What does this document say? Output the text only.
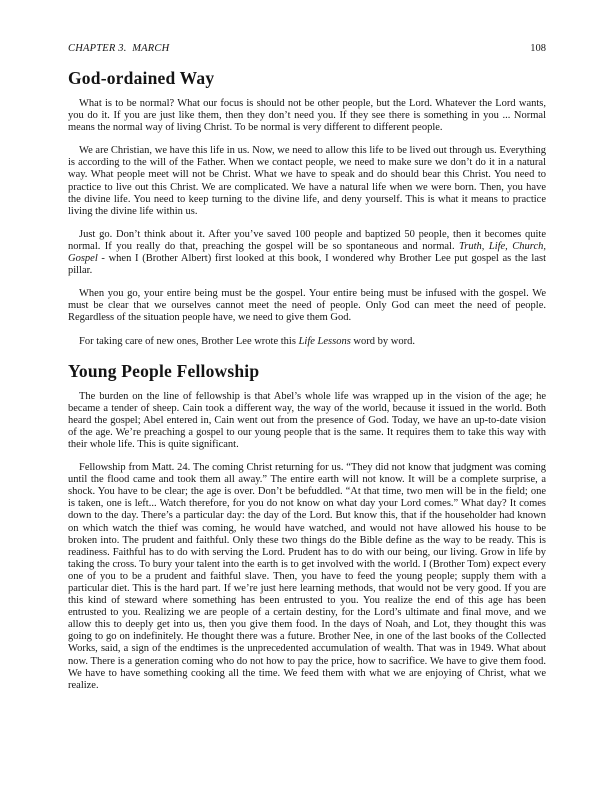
CHAPTER 3.  MARCH	108
God-ordained Way

What is to be normal? What our focus is should not be other people, but the Lord. Whatever the Lord wants, you do it. If you are just like them, then they don’t need you. If they see there is something in you ... Normal means the normal way of living Christ. To be normal is very different to different people.

We are Christian, we have this life in us. Now, we need to allow this life to be lived out through us. Everything is according to the will of the Father. When we contact people, we need to make sure we don’t do it in a natural way. What people meet will not be Christ. What we have to speak and do should bear this Christ. You need to practice to live out this Christ. We are complicated. We have a natural life when we were born. Then, you have the divine life. You need to keep turning to the divine life, and deny yourself. This is what it means to practice living the divine life within us.

Just go. Don’t think about it. After you’ve saved 100 people and baptized 50 people, then it becomes quite normal. If you really do that, preaching the gospel will be so spontaneous and normal. Truth, Life, Church, Gospel - when I (Brother Albert) first looked at this book, I wondered why Brother Lee put gospel as the last pillar.

When you go, your entire being must be the gospel. Your entire being must be infused with the gospel. We must be clear that we ourselves cannot meet the need of people. Only God can meet the need of people. Regardless of the situation people have, we need to give them God.

For taking care of new ones, Brother Lee wrote this Life Lessons word by word.

Young People Fellowship

The burden on the line of fellowship is that Abel’s whole life was wrapped up in the vision of the age; he became a tender of sheep. Cain took a different way, the way of the world, because it issued in the world. Both heard the gospel; Abel entered in, Cain went out from the presence of God. Today, we have an up-to-date vision of the age. We’re preaching a gospel to our young people that is the same. It requires them to take this way with their whole life. This is quite significant.

Fellowship from Matt. 24. The coming Christ returning for us. “They did not know that judgment was coming until the flood came and took them all away.” The entire earth will not know. It will be a complete surprise, a shock. You have to be clear; the age is over. Don’t be befuddled. “At that time, two men will be in the field; one is taken, one is left... Watch therefore, for you do not know on what day your Lord comes.” What day? It comes down to the day. There’s a particular day: the day of the Lord. But know this, that if the householder had known on which watch the thief was coming, he would have watched, and would not have allowed his house to be broken into. The prudent and faithful. Only these two things do the Bible define as the way to be ready. This is readiness. Faithful has to do with serving the Lord. Prudent has to do with our being, our living. Grow in life by taking the cross. To bury your talent into the earth is to get involved with the world. I (Brother Tom) expect every one of you to be a prudent and faithful slave. Then, you have to feed the young people; supply them with a particular diet. This is the hard part. If we’re just here learning methods, that would not be very good. If you are this kind of steward where something has been entrusted to you. You realize the end of this age has been entrusted to you. Realizing we are people of a certain destiny, for the Lord’s ultimate and final move, and we allow this to deeply get into us, then you give them food. In the days of Noah, and Lot, they thought this was going to go on indefinitely. He thought there was a future. Brother Nee, in one of the last books of the Collected Works, said, a sign of the endtimes is the unprecedented accumulation of wealth. That was in 1949. What about now. There is a generation coming who do not how to pay the price, how to sacrifice. We have to give them food. We have to have something cooking all the time. We feed them with what we are enjoying of Christ, what we realize.
